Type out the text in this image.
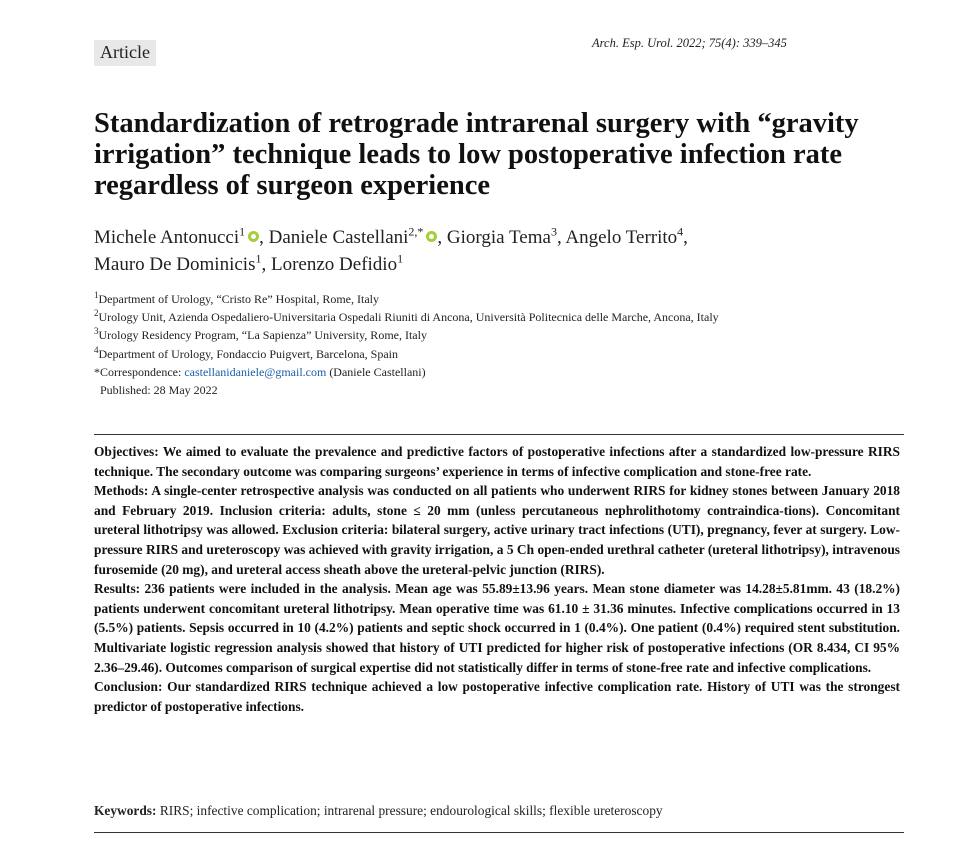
Article	Arch. Esp. Urol. 2022; 75(4): 339–345
Standardization of retrograde intrarenal surgery with “gravity irrigation” technique leads to low postoperative infection rate regardless of surgeon experience
Michele Antonucci$^1$ , Daniele Castellani$^{2,*}$ , Giorgia Tema$^3$, Angelo Territo$^4$,
Mauro De Dominicis$^1$, Lorenzo Defidio$^1$
$^1$Department of Urology, “Cristo Re” Hospital, Rome, Italy
$^2$Urology Unit, Azienda Ospedaliero-Universitaria Ospedali Riuniti di Ancona, Università Politecnica delle Marche, Ancona, Italy
$^3$Urology Residency Program, “La Sapienza” University, Rome, Italy
$^4$Department of Urology, Fondaccio Puigvert, Barcelona, Spain
*Correspondence: castellanidaniele@gmail.com (Daniele Castellani)
Published: 28 May 2022

Objectives: We aimed to evaluate the prevalence and predictive factors of postoperative infections after a standardized low-pressure RIRS technique. The secondary outcome was comparing surgeons’ experience in terms of infective complication and stone-free rate.

Methods: A single-center retrospective analysis was conducted on all patients who underwent RIRS for kidney stones between January 2018 and February 2019. Inclusion criteria: adults, stone ≤ 20 mm (unless percutaneous nephrolithotomy contraindica-tions). Concomitant ureteral lithotripsy was allowed. Exclusion criteria: bilateral surgery, active urinary tract infections (UTI), pregnancy, fever at surgery. Low-pressure RIRS and ureteroscopy was achieved with gravity irrigation, a 5 Ch open-ended urethral catheter (ureteral lithotripsy), intravenous furosemide (20 mg), and ureteral access sheath above the ureteral-pelvic junction (RIRS).

Results: 236 patients were included in the analysis. Mean age was 55.89±13.96 years. Mean stone diameter was 14.28±5.81mm. 43 (18.2%) patients underwent concomitant ureteral lithotripsy. Mean operative time was 61.10 ± 31.36 minutes. Infective complications occurred in 13 (5.5%) patients. Sepsis occurred in 10 (4.2%) patients and septic shock occurred in 1 (0.4%). One patient (0.4%) required stent substitution. Multivariate logistic regression analysis showed that history of UTI predicted for higher risk of postoperative infections (OR 8.434, CI 95% 2.36–29.46). Outcomes comparison of surgical expertise did not statistically differ in terms of stone-free rate and infective complications.

Conclusion: Our standardized RIRS technique achieved a low postoperative infective complication rate. History of UTI was the strongest predictor of postoperative infections.

Keywords: RIRS; infective complication; intrarenal pressure; endourological skills; flexible ureteroscopy
